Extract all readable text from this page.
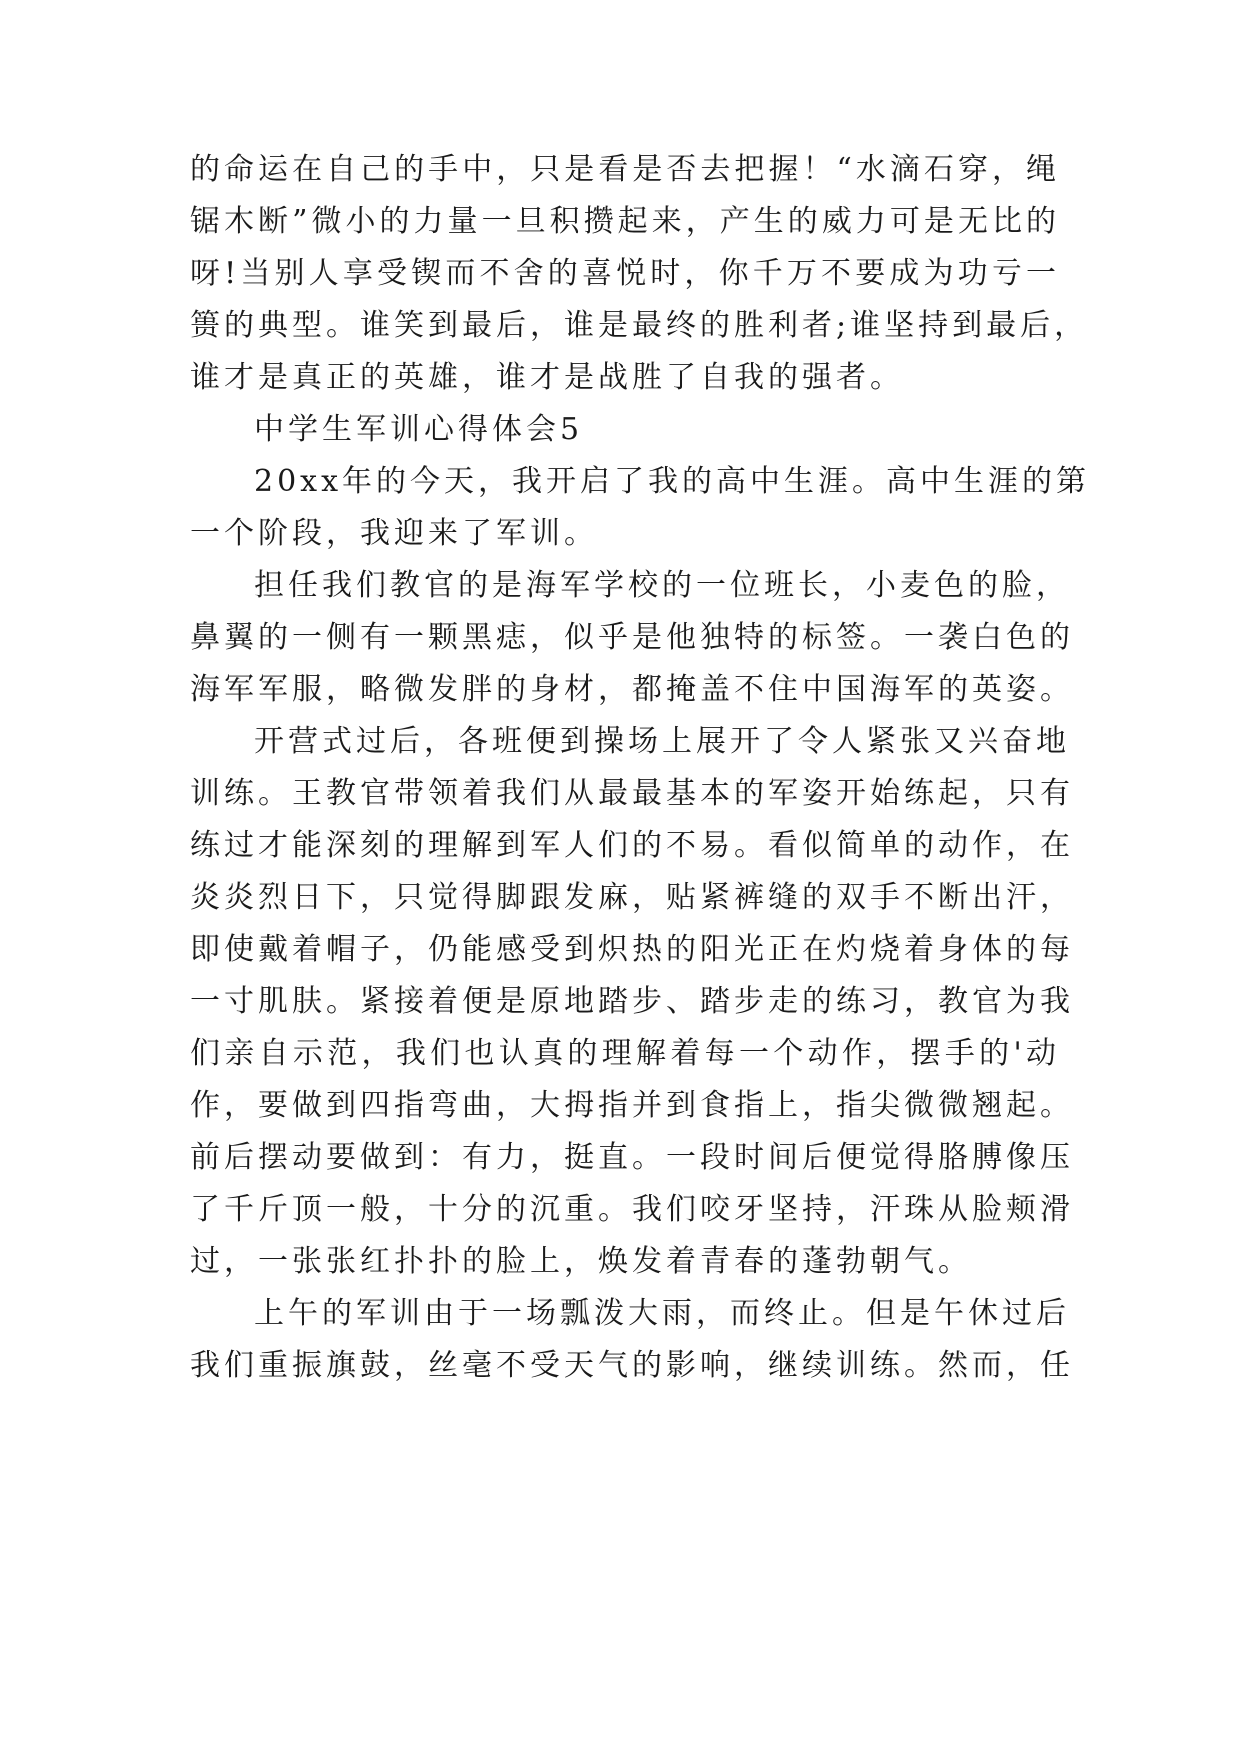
的命运在自己的手中，只是看是否去把握！“水滴石穿，绳
锯木断”微小的力量一旦积攒起来，产生的威力可是无比的
呀!当别人享受锲而不舍的喜悦时，你千万不要成为功亏一
篑的典型。谁笑到最后，谁是最终的胜利者;谁坚持到最后，
谁才是真正的英雄，谁才是战胜了自我的强者。
中学生军训心得体会5
20xx年的今天，我开启了我的高中生涯。高中生涯的第
一个阶段，我迎来了军训。
担任我们教官的是海军学校的一位班长，小麦色的脸，
鼻翼的一侧有一颗黑痣，似乎是他独特的标签。一袭白色的
海军军服，略微发胖的身材，都掩盖不住中国海军的英姿。
开营式过后，各班便到操场上展开了令人紧张又兴奋地
训练。王教官带领着我们从最最基本的军姿开始练起，只有
练过才能深刻的理解到军人们的不易。看似简单的动作，在
炎炎烈日下，只觉得脚跟发麻，贴紧裤缝的双手不断出汗，
即使戴着帽子，仍能感受到炽热的阳光正在灼烧着身体的每
一寸肌肤。紧接着便是原地踏步、踏步走的练习，教官为我
们亲自示范，我们也认真的理解着每一个动作，摆手的'动
作，要做到四指弯曲，大拇指并到食指上，指尖微微翘起。
前后摆动要做到：有力，挺直。一段时间后便觉得胳膊像压
了千斤顶一般，十分的沉重。我们咬牙坚持，汗珠从脸颊滑
过，一张张红扑扑的脸上，焕发着青春的蓬勃朝气。
上午的军训由于一场瓢泼大雨，而终止。但是午休过后
我们重振旗鼓，丝毫不受天气的影响，继续训练。然而，任
